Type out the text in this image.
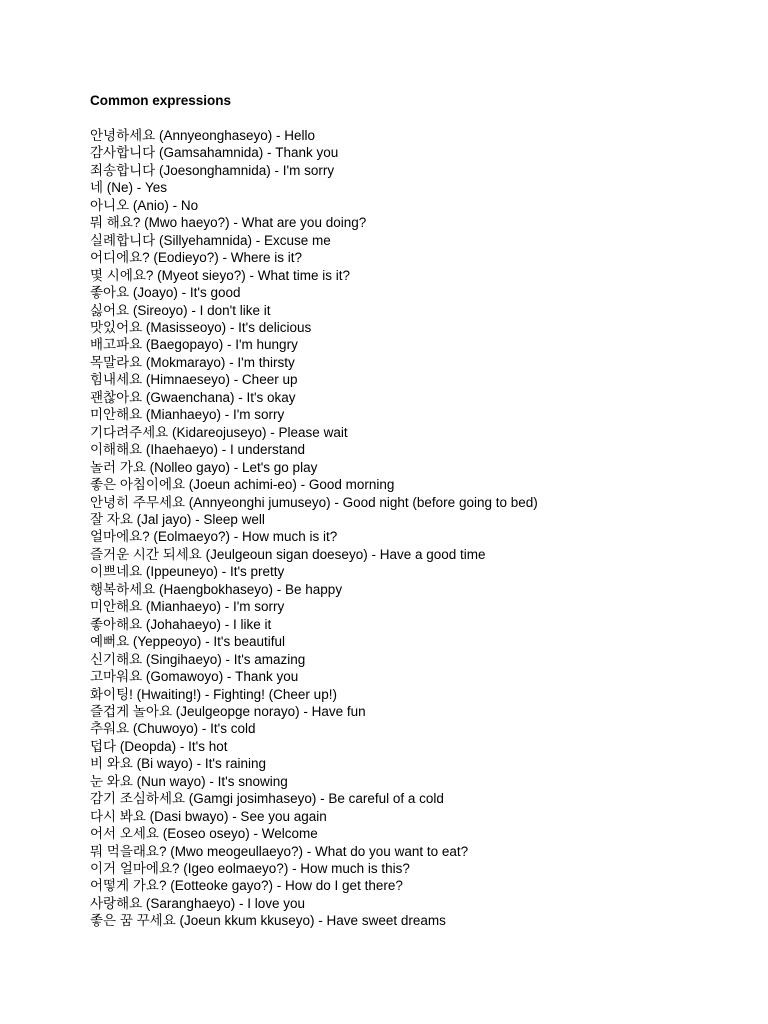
Common expressions
안녕하세요 (Annyeonghaseyo) - Hello
감사합니다 (Gamsahamnida) - Thank you
죄송합니다 (Joesonghamnida) - I'm sorry
네 (Ne) - Yes
아니오 (Anio) - No
뭐 해요? (Mwo haeyo?) - What are you doing?
실례합니다 (Sillyehamnida) - Excuse me
어디에요? (Eodieyo?) - Where is it?
몇 시에요? (Myeot sieyo?) - What time is it?
좋아요 (Joayo) - It's good
싫어요 (Sireoyo) - I don't like it
맛있어요 (Masisseoyo) - It's delicious
배고파요 (Baegopayo) - I'm hungry
목말라요 (Mokmarayo) - I'm thirsty
힘내세요 (Himnaeseyo) - Cheer up
괜찮아요 (Gwaenchana) - It's okay
미안해요 (Mianhaeyo) - I'm sorry
기다려주세요 (Kidareojuseyo) - Please wait
이해해요 (Ihaehaeyo) - I understand
놀러 가요 (Nolleo gayo) - Let's go play
좋은 아침이에요 (Joeun achimi-eo) - Good morning
안녕히 주무세요 (Annyeonghi jumuseyo) - Good night (before going to bed)
잘 자요 (Jal jayo) - Sleep well
얼마에요? (Eolmaeyo?) - How much is it?
즐거운 시간 되세요 (Jeulgeoun sigan doeseyo) - Have a good time
이쁘네요 (Ippeuneyo) - It's pretty
행복하세요 (Haengbokhaseyo) - Be happy
미안해요 (Mianhaeyo) - I'm sorry
좋아해요 (Johahaeyo) - I like it
예뻐요 (Yeppeoyo) - It's beautiful
신기해요 (Singihaeyo) - It's amazing
고마워요 (Gomawoyo) - Thank you
화이팅! (Hwaiting!) - Fighting! (Cheer up!)
즐겁게 놀아요 (Jeulgeopge norayo) - Have fun
추워요 (Chuwoyo) - It's cold
덥다 (Deopda) - It's hot
비 와요 (Bi wayo) - It's raining
눈 와요 (Nun wayo) - It's snowing
감기 조심하세요 (Gamgi josimhaseyo) - Be careful of a cold
다시 봐요 (Dasi bwayo) - See you again
어서 오세요 (Eoseo oseyo) - Welcome
뭐 먹을래요? (Mwo meogeullaeyo?) - What do you want to eat?
이거 얼마에요? (Igeo eolmaeyo?) - How much is this?
어떻게 가요? (Eotteoke gayo?) - How do I get there?
사랑해요 (Saranghaeyo) - I love you
좋은 꿈 꾸세요 (Joeun kkum kkuseyo) - Have sweet dreams
